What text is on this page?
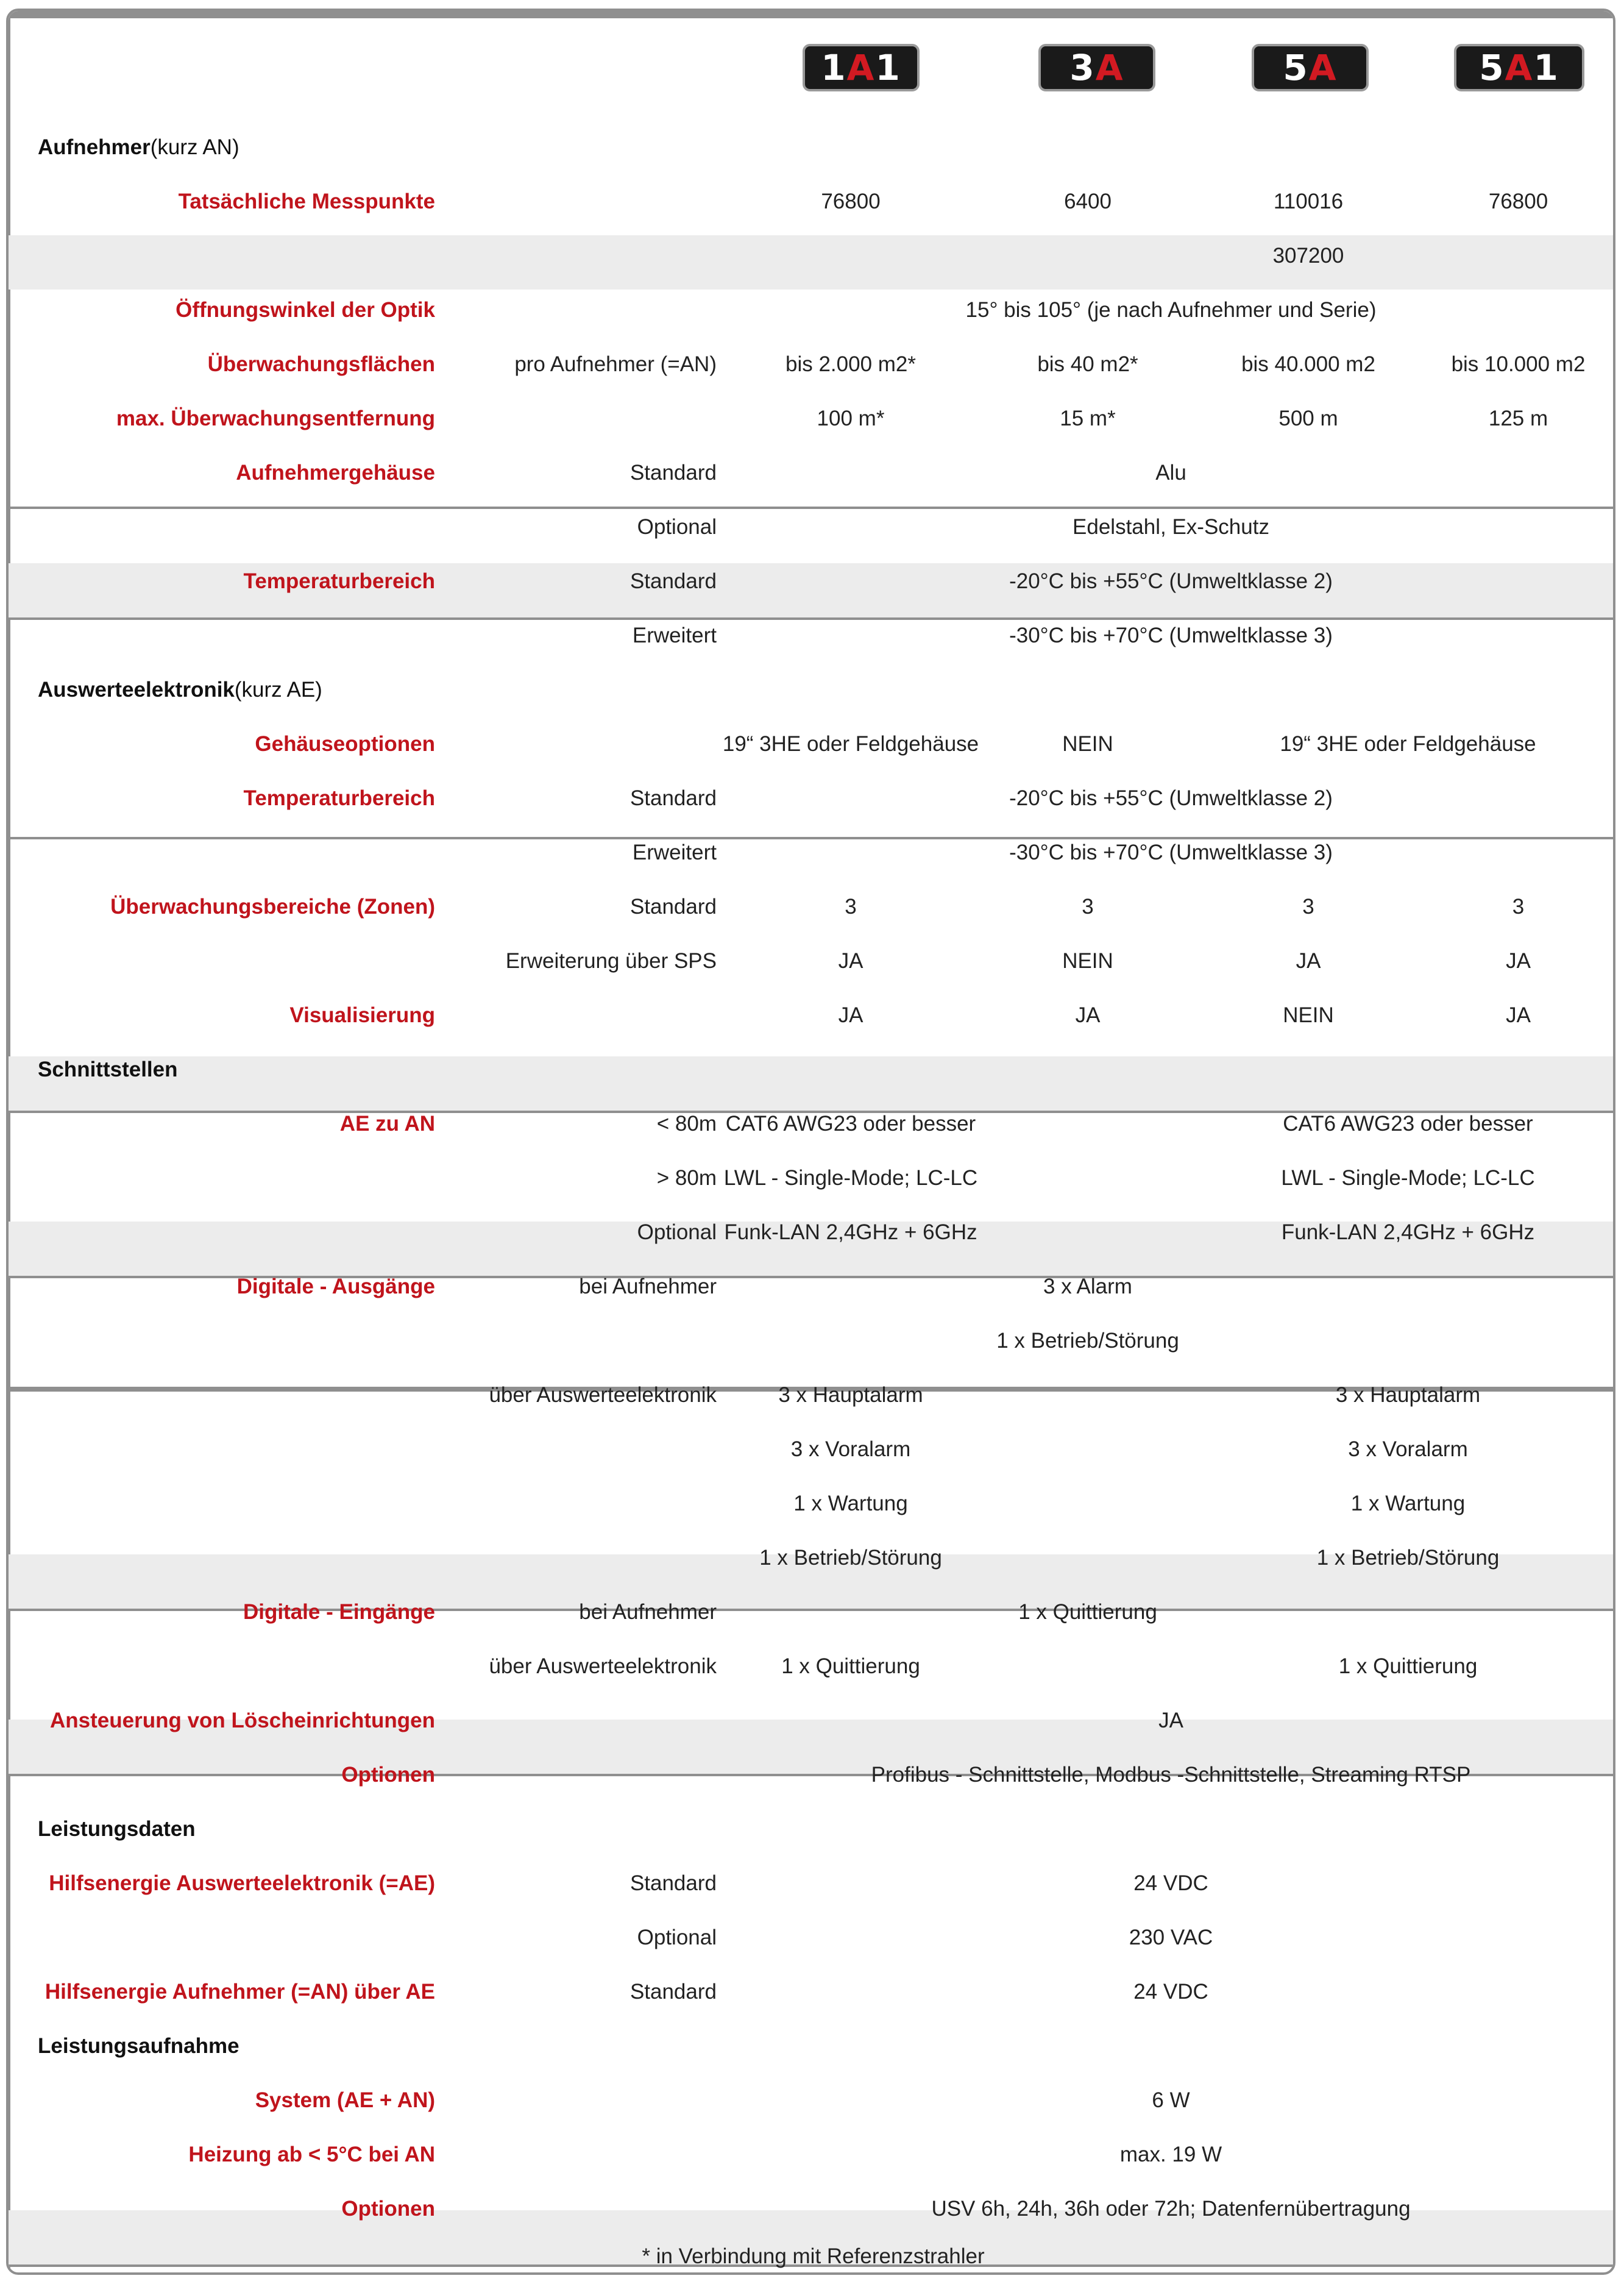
1 A 1	3 A	5 A	5 A 1
Aufnehmer (kurz AN)
Tatsächliche Messpunkte	76800	6400	110016	76800
307200
Öffnungswinkel der Optik	15° bis 105° (je nach Aufnehmer und Serie)
Überwachungsflächen	pro Aufnehmer (=AN)	bis 2.000 m2*	bis 40 m2*	bis 40.000 m2	bis 10.000 m2
max. Überwachungsentfernung	100 m*	15 m*	500 m	125 m
Aufnehmergehäuse	Standard	Alu
Optional	Edelstahl, Ex-Schutz
Temperaturbereich	Standard	-20°C bis +55°C (Umweltklasse 2)
Erweitert	-30°C bis +70°C (Umweltklasse 3)
Auswerteelektronik (kurz AE)
Gehäuseoptionen	19“ 3HE oder Feldgehäuse	NEIN	19“ 3HE oder Feldgehäuse
Temperaturbereich	Standard	-20°C bis +55°C (Umweltklasse 2)
Erweitert	-30°C bis +70°C (Umweltklasse 3)
Überwachungsbereiche (Zonen)	Standard	3	3	3	3
Erweiterung über SPS	JA	NEIN	JA	JA
Visualisierung	JA	JA	NEIN	JA
Schnittstellen
AE zu AN	< 80m CAT6 AWG23 oder besser	CAT6 AWG23 oder besser
> 80m LWL - Single-Mode; LC-LC	LWL - Single-Mode; LC-LC
Optional Funk-LAN 2,4GHz + 6GHz	Funk-LAN 2,4GHz + 6GHz
Digitale - Ausgänge	bei Aufnehmer	3 x Alarm
1 x Betrieb/Störung
über Auswerteelektronik	3 x Hauptalarm	3 x Hauptalarm
3 x Voralarm	3 x Voralarm
1 x Wartung	1 x Wartung
1 x Betrieb/Störung	1 x Betrieb/Störung
Digitale - Eingänge	bei Aufnehmer	1 x Quittierung
über Auswerteelektronik	1 x Quittierung	1 x Quittierung
Ansteuerung von Löscheinrichtungen	JA
Optionen	Profibus - Schnittstelle, Modbus -Schnittstelle, Streaming RTSP
Leistungsdaten
Hilfsenergie Auswerteelektronik (=AE)	Standard	24 VDC
Optional	230 VAC
Hilfsenergie Aufnehmer (=AN) über AE	Standard	24 VDC
Leistungsaufnahme
System (AE + AN)	6 W
Heizung ab < 5°C bei AN	max. 19 W
Optionen	USV 6h, 24h, 36h oder 72h; Datenfernübertragung
* in Verbindung mit Referenzstrahler
